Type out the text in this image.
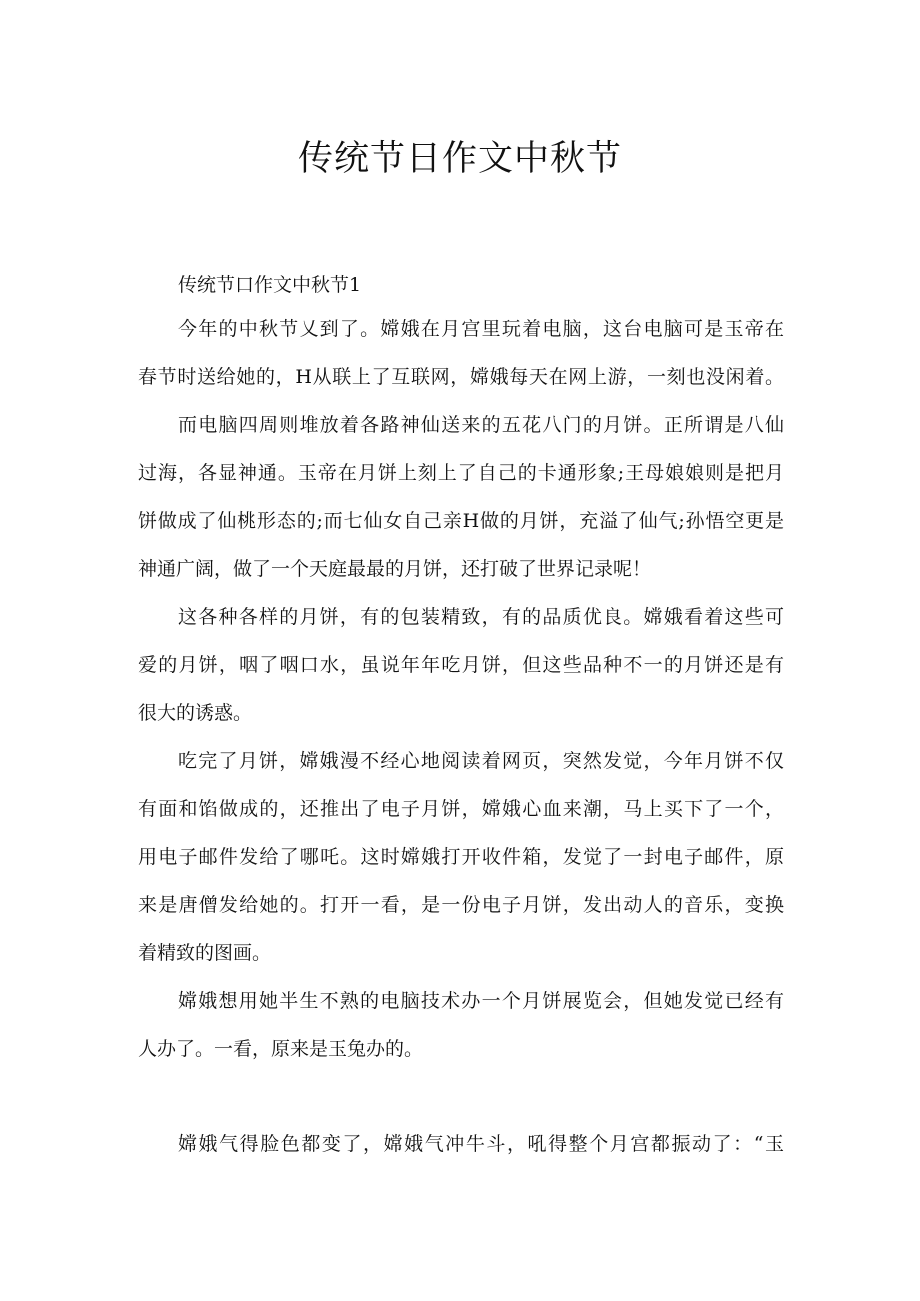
传统节日作文中秋节

传统节口作文中秋节1

今年的中秋节乂到了。嫦娥在月宫里玩着电脑，这台电脑可是玉帝在
春节时送给她的，H从联上了互联网，嫦娥每天在网上游，一刻也没闲着。

而电脑四周则堆放着各路神仙送来的五花八门的月饼。正所谓是八仙
过海，各显神通。玉帝在月饼上刻上了自己的卡通形象;王母娘娘则是把月
饼做成了仙桃形态的;而七仙女自己亲H做的月饼，充溢了仙气;孙悟空更是
神通广阔，做了一个天庭最最的月饼，还打破了世界记录呢！

这各种各样的月饼，有的包装精致，有的品质优良。嫦娥看着这些可
爱的月饼，咽了咽口水，虽说年年吃月饼，但这些品种不一的月饼还是有
很大的诱惑。

吃完了月饼，嫦娥漫不经心地阅读着网页，突然发觉，今年月饼不仅
有面和馅做成的，还推出了电子月饼，嫦娥心血来潮，马上买下了一个，
用电子邮件发给了哪吒。这时嫦娥打开收件箱，发觉了一封电子邮件，原
来是唐僧发给她的。打开一看，是一份电子月饼，发出动人的音乐，变换
着精致的图画。

嫦娥想用她半生不熟的电脑技术办一个月饼展览会，但她发觉已经有
人办了。一看，原来是玉兔办的。

嫦娥气得脸色都变了，嫦娥气冲牛斗，吼得整个月宫都振动了：“玉
